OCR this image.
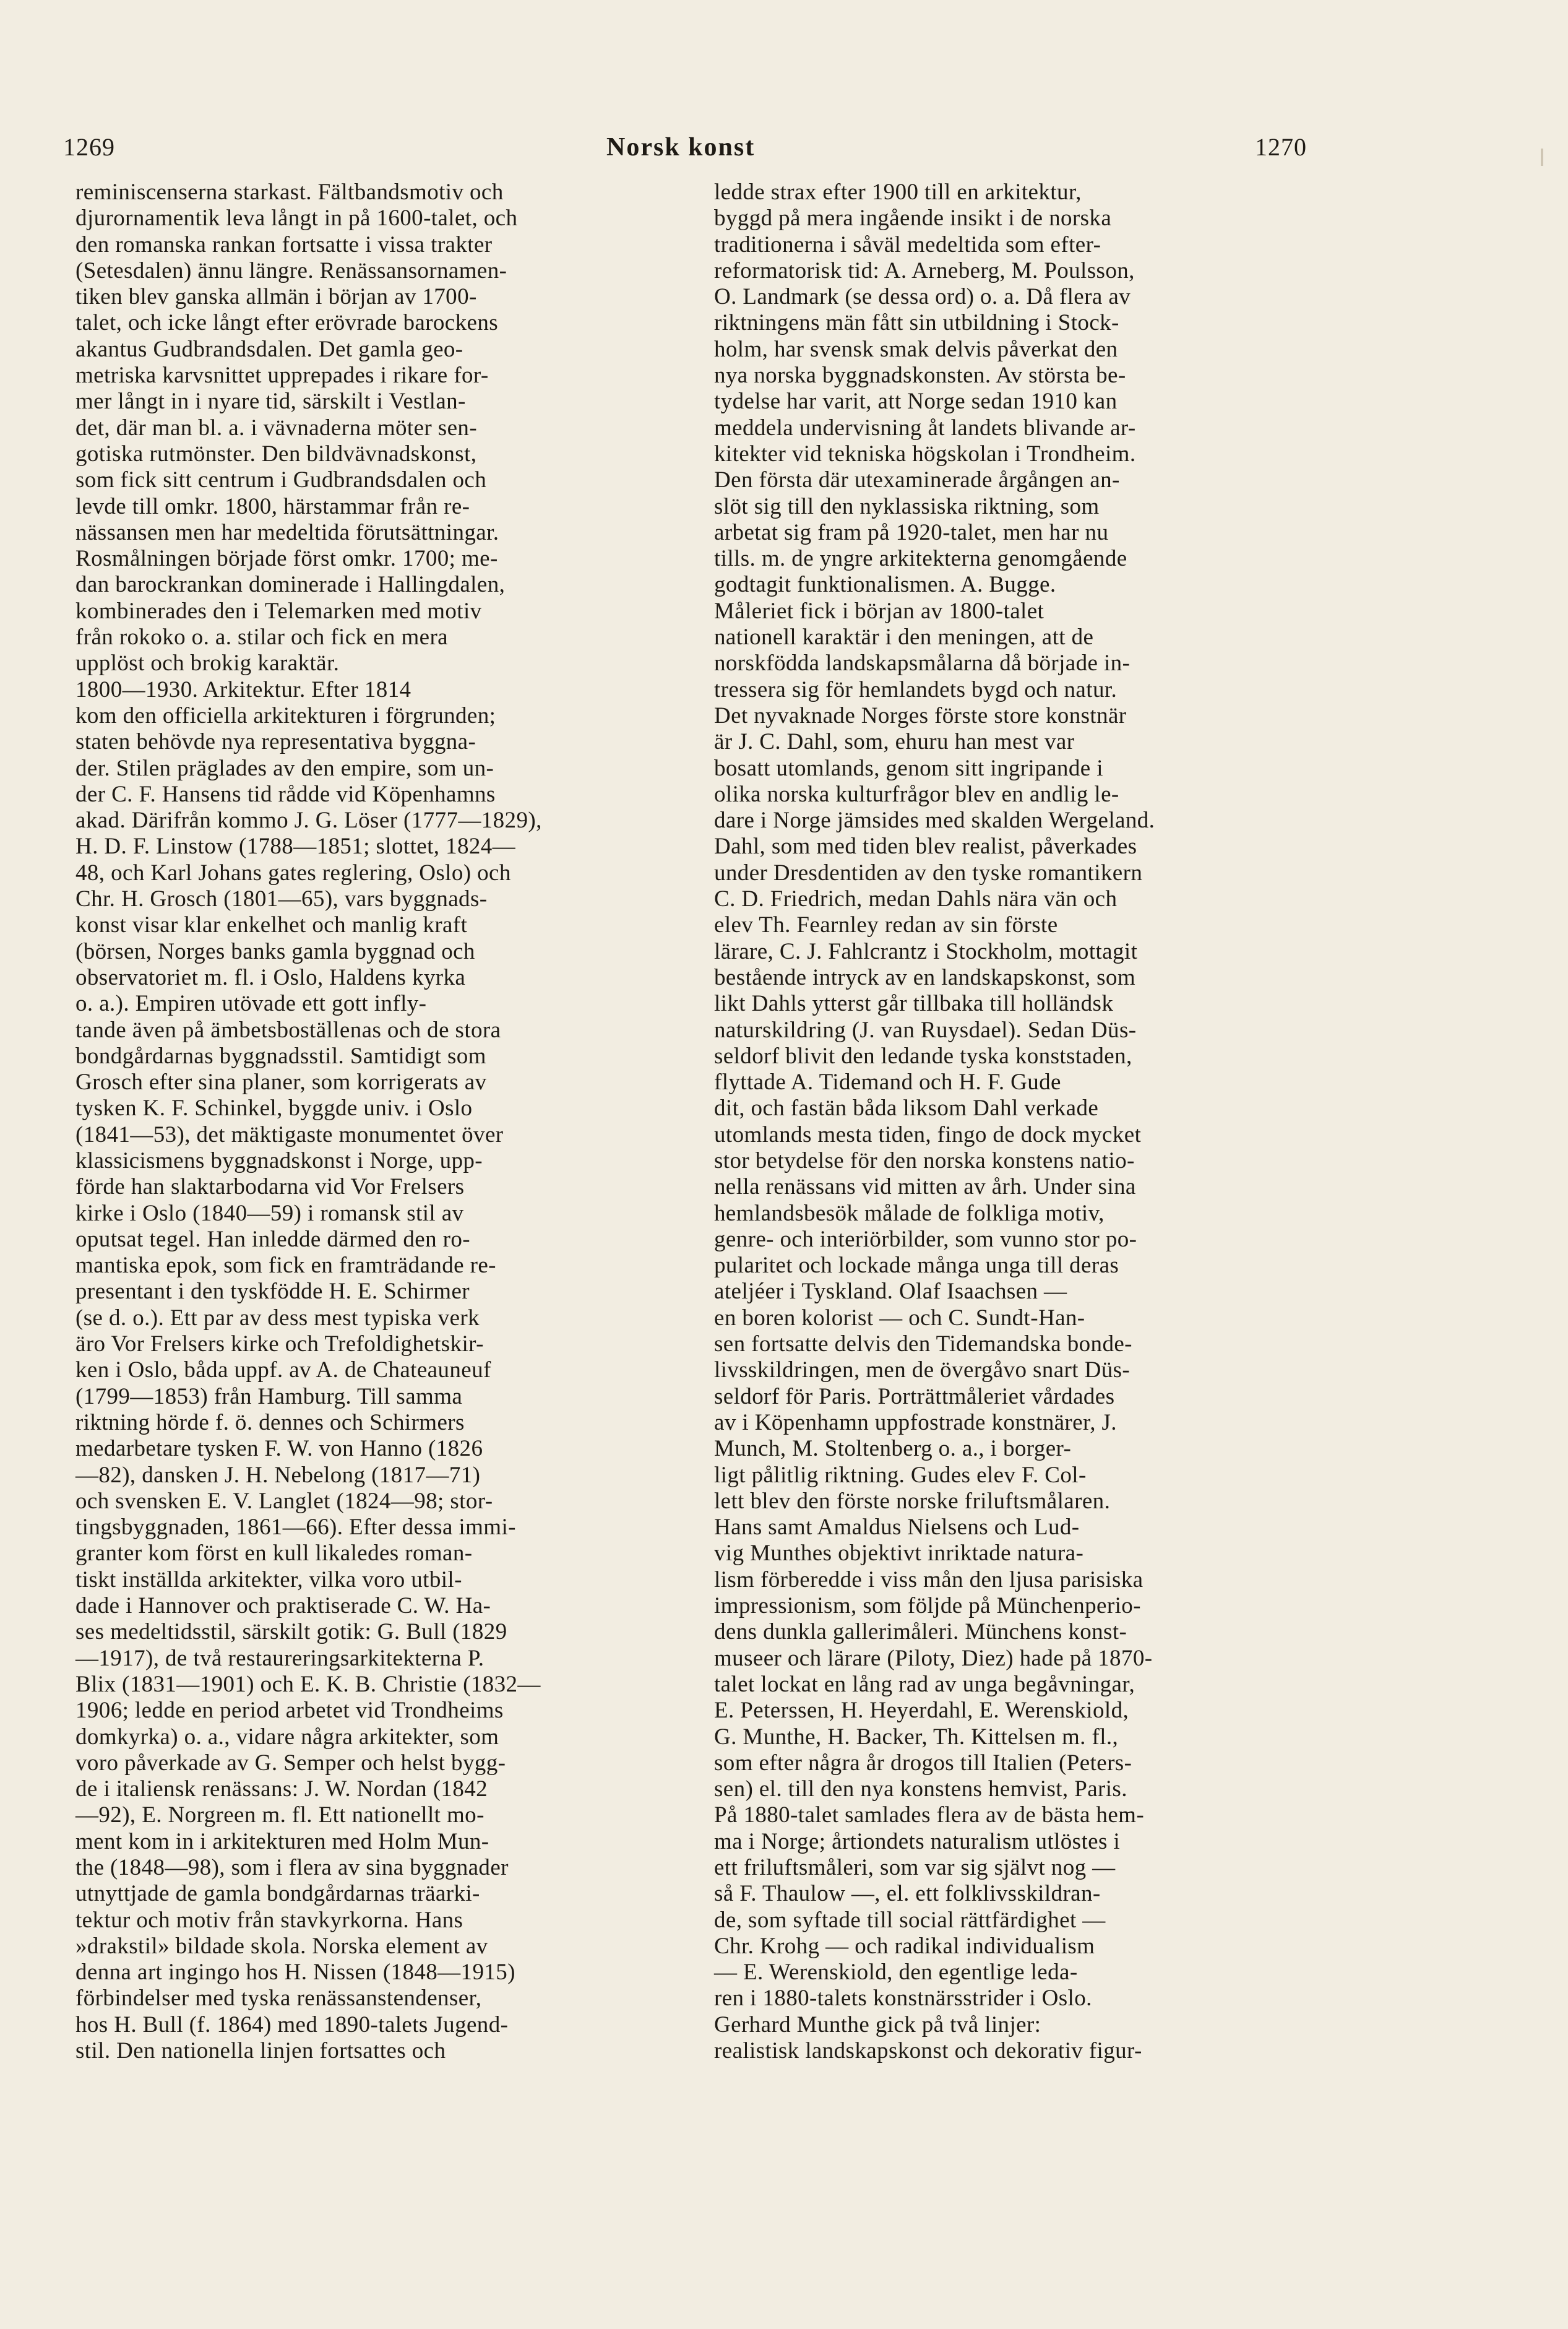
1269	Norsk konst	1270
reminiscenserna starkast. Fältbandsmotiv och
djurornamentik leva långt in på 1600-talet, och
den romanska rankan fortsatte i vissa trakter
(Setesdalen) ännu längre. Renässansornamen-
tiken blev ganska allmän i början av 1700-
talet, och icke långt efter erövrade barockens
akantus Gudbrandsdalen. Det gamla geo-
metriska karvsnittet upprepades i rikare for-
mer långt in i nyare tid, särskilt i Vestlan-
det, där man bl. a. i vävnaderna möter sen-
gotiska rutmönster. Den bildvävnadskonst,
som fick sitt centrum i Gudbrandsdalen och
levde till omkr. 1800, härstammar från re-
nässansen men har medeltida förutsättningar.
Rosmålningen började först omkr. 1700; me-
dan barockrankan dominerade i Hallingdalen,
kombinerades den i Telemarken med motiv
från rokoko o. a. stilar och fick en mera
upplöst och brokig karaktär.
1800—1930. Arkitektur. Efter 1814
kom den officiella arkitekturen i förgrunden;
staten behövde nya representativa byggna-
der. Stilen präglades av den empire, som un-
der C. F. Hansens tid rådde vid Köpenhamns
akad. Därifrån kommo J. G. Löser (1777—1829),
H. D. F. Linstow (1788—1851; slottet, 1824—
48, och Karl Johans gates reglering, Oslo) och
Chr. H. Grosch (1801—65), vars byggnads-
konst visar klar enkelhet och manlig kraft
(börsen, Norges banks gamla byggnad och
observatoriet m. fl. i Oslo, Haldens kyrka
o. a.). Empiren utövade ett gott infly-
tande även på ämbetsboställenas och de stora
bondgårdarnas byggnadsstil. Samtidigt som
Grosch efter sina planer, som korrigerats av
tysken K. F. Schinkel, byggde univ. i Oslo
(1841—53), det mäktigaste monumentet över
klassicismens byggnadskonst i Norge, upp-
förde han slaktarbodarna vid Vor Frelsers
kirke i Oslo (1840—59) i romansk stil av
oputsat tegel. Han inledde därmed den ro-
mantiska epok, som fick en framträdande re-
presentant i den tyskfödde H. E. Schirmer
(se d. o.). Ett par av dess mest typiska verk
äro Vor Frelsers kirke och Trefoldighetskir-
ken i Oslo, båda uppf. av A. de Chateauneuf
(1799—1853) från Hamburg. Till samma
riktning hörde f. ö. dennes och Schirmers
medarbetare tysken F. W. von Hanno (1826
—82), dansken J. H. Nebelong (1817—71)
och svensken E. V. Langlet (1824—98; stor-
tingsbyggnaden, 1861—66). Efter dessa immi-
granter kom först en kull likaledes roman-
tiskt inställda arkitekter, vilka voro utbil-
dade i Hannover och praktiserade C. W. Ha-
ses medeltidsstil, särskilt gotik: G. Bull (1829
—1917), de två restaureringsarkitekterna P.
Blix (1831—1901) och E. K. B. Christie (1832—
1906; ledde en period arbetet vid Trondheims
domkyrka) o. a., vidare några arkitekter, som
voro påverkade av G. Semper och helst bygg-
de i italiensk renässans: J. W. Nordan (1842
—92), E. Norgreen m. fl. Ett nationellt mo-
ment kom in i arkitekturen med Holm Mun-
the (1848—98), som i flera av sina byggnader
utnyttjade de gamla bondgårdarnas träarki-
tektur och motiv från stavkyrkorna. Hans
»drakstil» bildade skola. Norska element av
denna art ingingo hos H. Nissen (1848—1915)
förbindelser med tyska renässanstendenser,
hos H. Bull (f. 1864) med 1890-talets Jugend-
stil. Den nationella linjen fortsattes och
ledde strax efter 1900 till en arkitektur,
byggd på mera ingående insikt i de norska
traditionerna i såväl medeltida som efter-
reformatorisk tid: A. Arneberg, M. Poulsson,
O. Landmark (se dessa ord) o. a. Då flera av
riktningens män fått sin utbildning i Stock-
holm, har svensk smak delvis påverkat den
nya norska byggnadskonsten. Av största be-
tydelse har varit, att Norge sedan 1910 kan
meddela undervisning åt landets blivande ar-
kitekter vid tekniska högskolan i Trondheim.
Den första där utexaminerade årgången an-
slöt sig till den nyklassiska riktning, som
arbetat sig fram på 1920-talet, men har nu
tills. m. de yngre arkitekterna genomgående
godtagit funktionalismen. A. Bugge.
Måleriet fick i början av 1800-talet
nationell karaktär i den meningen, att de
norskfödda landskapsmålarna då började in-
tressera sig för hemlandets bygd och natur.
Det nyvaknade Norges förste store konstnär
är J. C. Dahl, som, ehuru han mest var
bosatt utomlands, genom sitt ingripande i
olika norska kulturfrågor blev en andlig le-
dare i Norge jämsides med skalden Wergeland.
Dahl, som med tiden blev realist, påverkades
under Dresdentiden av den tyske romantikern
C. D. Friedrich, medan Dahls nära vän och
elev Th. Fearnley redan av sin förste
lärare, C. J. Fahlcrantz i Stockholm, mottagit
bestående intryck av en landskapskonst, som
likt Dahls ytterst går tillbaka till holländsk
naturskildring (J. van Ruysdael). Sedan Düs-
seldorf blivit den ledande tyska konststaden,
flyttade A. Tidemand och H. F. Gude
dit, och fastän båda liksom Dahl verkade
utomlands mesta tiden, fingo de dock mycket
stor betydelse för den norska konstens natio-
nella renässans vid mitten av årh. Under sina
hemlandsbesök målade de folkliga motiv,
genre- och interiörbilder, som vunno stor po-
pularitet och lockade många unga till deras
ateljéer i Tyskland. Olaf Isaachsen —
en boren kolorist — och C. Sundt-Han-
sen fortsatte delvis den Tidemandska bonde-
livsskildringen, men de övergåvo snart Düs-
seldorf för Paris. Porträttmåleriet vårdades
av i Köpenhamn uppfostrade konstnärer, J.
Munch, M. Stoltenberg o. a., i borger-
ligt pålitlig riktning. Gudes elev F. Col-
lett blev den förste norske friluftsmålaren.
Hans samt Amaldus Nielsens och Lud-
vig Munthes objektivt inriktade natura-
lism förberedde i viss mån den ljusa parisiska
impressionism, som följde på Münchenperio-
dens dunkla gallerimåleri. Münchens konst-
museer och lärare (Piloty, Diez) hade på 1870-
talet lockat en lång rad av unga begåvningar,
E. Peterssen, H. Heyerdahl, E. Werenskiold,
G. Munthe, H. Backer, Th. Kittelsen m. fl.,
som efter några år drogos till Italien (Peters-
sen) el. till den nya konstens hemvist, Paris.
På 1880-talet samlades flera av de bästa hem-
ma i Norge; årtiondets naturalism utlöstes i
ett friluftsmåleri, som var sig självt nog —
så F. Thaulow —, el. ett folklivsskildran-
de, som syftade till social rättfärdighet —
Chr. Krohg — och radikal individualism
— E. Werenskiold, den egentlige leda-
ren i 1880-talets konstnärsstrider i Oslo.
Gerhard Munthe gick på två linjer:
realistisk landskapskonst och dekorativ figur-
